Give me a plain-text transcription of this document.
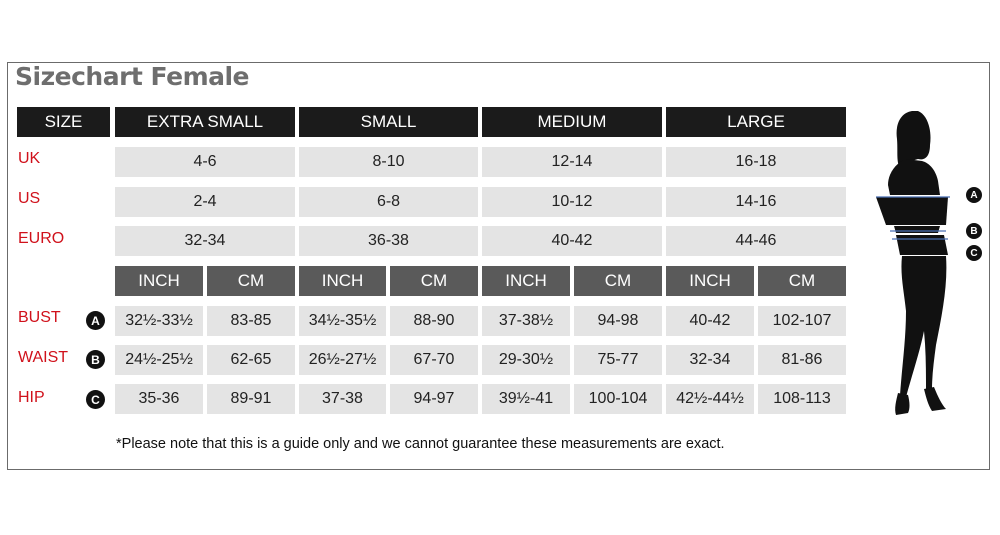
Sizechart Female
SIZE	EXTRA SMALL	SMALL	MEDIUM	LARGE
UK	4-6	8-10	12-14	16-18
US	2-4	6-8	10-12	14-16
EURO	32-34	36-38	40-42	44-46
INCH	CM	INCH	CM	INCH	CM	INCH	CM
BUST	A	32½-33½	83-85	34½-35½	88-90	37-38½	94-98	40-42	102-107
WAIST	B	24½-25½	62-65	26½-27½	67-70	29-30½	75-77	32-34	81-86
HIP	C	35-36	89-91	37-38	94-97	39½-41	100-104	42½-44½	108-113
A
B
C
*Please note that this is a guide only and we cannot guarantee these measurements are exact.
